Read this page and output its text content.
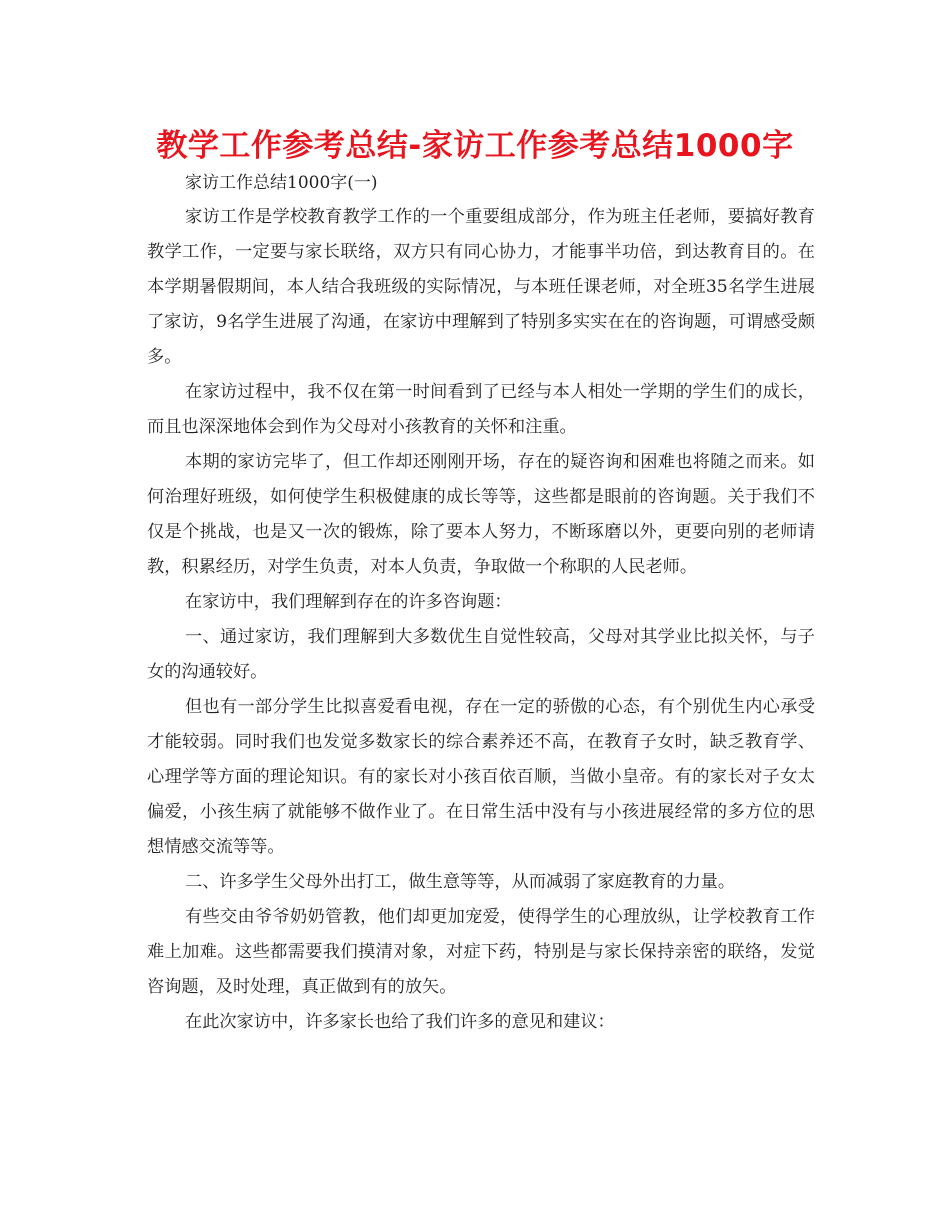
教学工作参考总结-家访工作参考总结1000字
家访工作总结1000字(一)

家访工作是学校教育教学工作的一个重要组成部分，作为班主任老师，要搞好教育教学工作，一定要与家长联络，双方只有同心协力，才能事半功倍，到达教育目的。在本学期暑假期间，本人结合我班级的实际情况，与本班任课老师，对全班35名学生进展了家访，9名学生进展了沟通，在家访中理解到了特别多实实在在的咨询题，可谓感受颇多。

在家访过程中，我不仅在第一时间看到了已经与本人相处一学期的学生们的成长，而且也深深地体会到作为父母对小孩教育的关怀和注重。

本期的家访完毕了，但工作却还刚刚开场，存在的疑咨询和困难也将随之而来。如何治理好班级，如何使学生积极健康的成长等等，这些都是眼前的咨询题。关于我们不仅是个挑战，也是又一次的锻炼，除了要本人努力，不断琢磨以外，更要向别的老师请教，积累经历，对学生负责，对本人负责，争取做一个称职的人民老师。

在家访中，我们理解到存在的许多咨询题：

一、通过家访，我们理解到大多数优生自觉性较高，父母对其学业比拟关怀，与子女的沟通较好。

但也有一部分学生比拟喜爱看电视，存在一定的骄傲的心态，有个别优生内心承受才能较弱。同时我们也发觉多数家长的综合素养还不高，在教育子女时，缺乏教育学、心理学等方面的理论知识。有的家长对小孩百依百顺，当做小皇帝。有的家长对子女太偏爱，小孩生病了就能够不做作业了。在日常生活中没有与小孩进展经常的多方位的思想情感交流等等。

二、许多学生父母外出打工，做生意等等，从而减弱了家庭教育的力量。

有些交由爷爷奶奶管教，他们却更加宠爱，使得学生的心理放纵，让学校教育工作难上加难。这些都需要我们摸清对象，对症下药，特别是与家长保持亲密的联络，发觉咨询题，及时处理，真正做到有的放矢。

在此次家访中，许多家长也给了我们许多的意见和建议：
